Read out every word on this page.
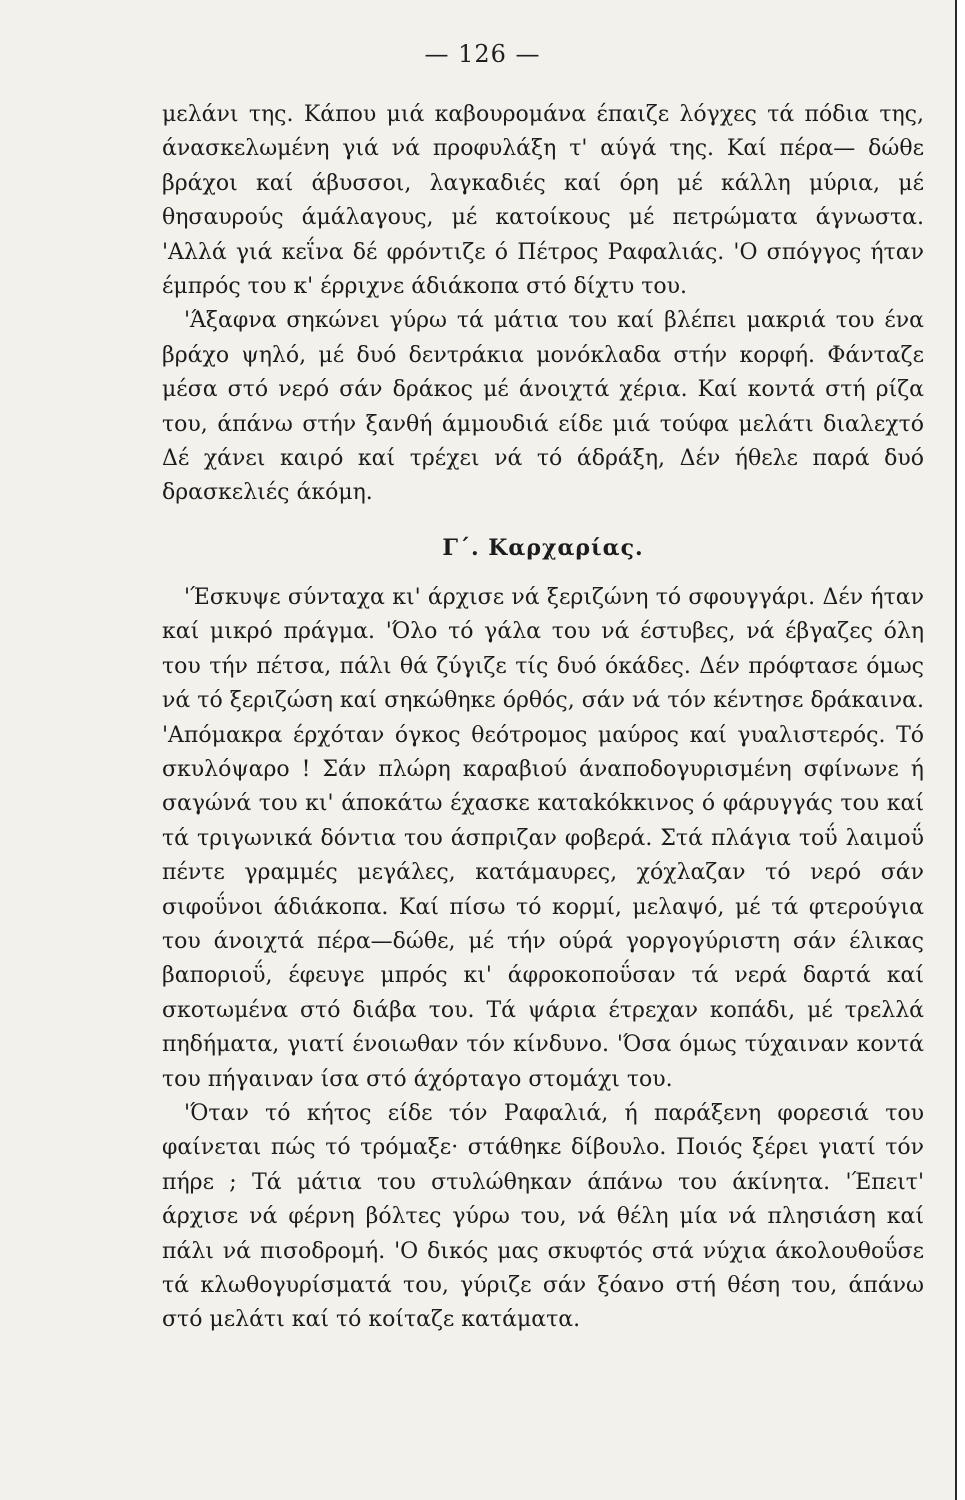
— 126 —

μελάνι της. Κάπου μιά καβουρομάνα έπαιζε λόγχες τά πόδια της, άνασκελωμένη γιά νά προφυλάξη τ' αύγά της. Καί πέρα— δώθε βράχοι καί άβυσσοι, λαγκαδιές καί όρη μέ κάλλη μύρια, μέ θησαυρούς άμάλαγους, μέ κατοίκους μέ πετρώματα άγνωστα. 'Αλλά γιά κεΐνα δέ φρόντιζε ό Πέτρος Ραφαλιάς. 'Ο σπόγγος ήταν έμπρός του κ' έρριχνε άδιάκοπα στό δίχτυ του.

'Άξαφνα σηκώνει γύρω τά μάτια του καί βλέπει μακριά του ένα βράχο ψηλό, μέ δυό δεντράκια μονόκλαδα στήν κορφή. Φάνταζε μέσα στό νερό σάν δράκος μέ άνοιχτά χέρια. Καί κοντά στή ρίζα του, άπάνω στήν ξανθή άμμουδιά είδε μιά τούφα μελάτι διαλεχτό Δέ χάνει καιρό καί τρέχει νά τό άδράξη, Δέν ήθελε παρά δυό δρασκελιές άκόμη.

Γ΄. Καρχαρίας.

'Έσκυψε σύνταχα κι' άρχισε νά ξεριζώνη τό σφουγγάρι. Δέν ήταν καί μικρό πράγμα. 'Όλο τό γάλα του νά έστυβες, νά έβγαζες όλη του τήν πέτσα, πάλι θά ζύγιζε τίς δυό όκάδες. Δέν πρόφτασε όμως νά τό ξεριζώση καί σηκώθηκε όρθός, σάν νά τόν κέντησε δράκαινα. 'Απόμακρα έρχόταν όγκος θεότρομος μαύρος καί γυαλιστερός. Τό σκυλόψαρο ! Σάν πλώρη καραβιού άναποδογυρισμένη σφίνωνε ή σαγώνά του κι' άποκάτω έχασκε καταkόkκινος ό φάρυγγάς του καί τά τριγωνικά δόντια του άσπριζαν φοβερά. Στά πλάγια τοΰ λαιμοΰ πέντε γραμμές μεγάλες, κατάμαυρες, χόχλαζαν τό νερό σάν σιφοΰνοι άδιάκοπα. Καί πίσω τό κορμί, μελαψό, μέ τά φτερούγια του άνοιχτά πέρα—δώθε, μέ τήν ούρά γοργογύριστη σάν έλικας βαποριοΰ, έφευγε μπρός κι' άφροκοποΰσαν τά νερά δαρτά καί σκοτωμένα στό διάβα του. Τά ψάρια έτρεχαν κοπάδι, μέ τρελλά πηδήματα, γιατί ένοιωθαν τόν κίνδυνο. 'Όσα όμως τύχαιναν κοντά του πήγαιναν ίσα στό άχόρταγο στομάχι του.

'Όταν τό κήτος είδε τόν Ραφαλιά, ή παράξενη φορεσιά του φαίνεται πώς τό τρόμαξε· στάθηκε δίβουλο. Ποιός ξέρει γιατί τόν πήρε ; Τά μάτια του στυλώθηκαν άπάνω του άκίνητα. 'Έπειτ' άρχισε νά φέρνη βόλτες γύρω του, νά θέλη μία νά πλησιάση καί πάλι νά πισοδρομή. 'Ο δικός μας σκυφτός στά νύχια άκολουθοΰσε τά κλωθογυρίσματά του, γύριζε σάν ξόανο στή θέση του, άπάνω στό μελάτι καί τό κοίταζε κατάματα.
